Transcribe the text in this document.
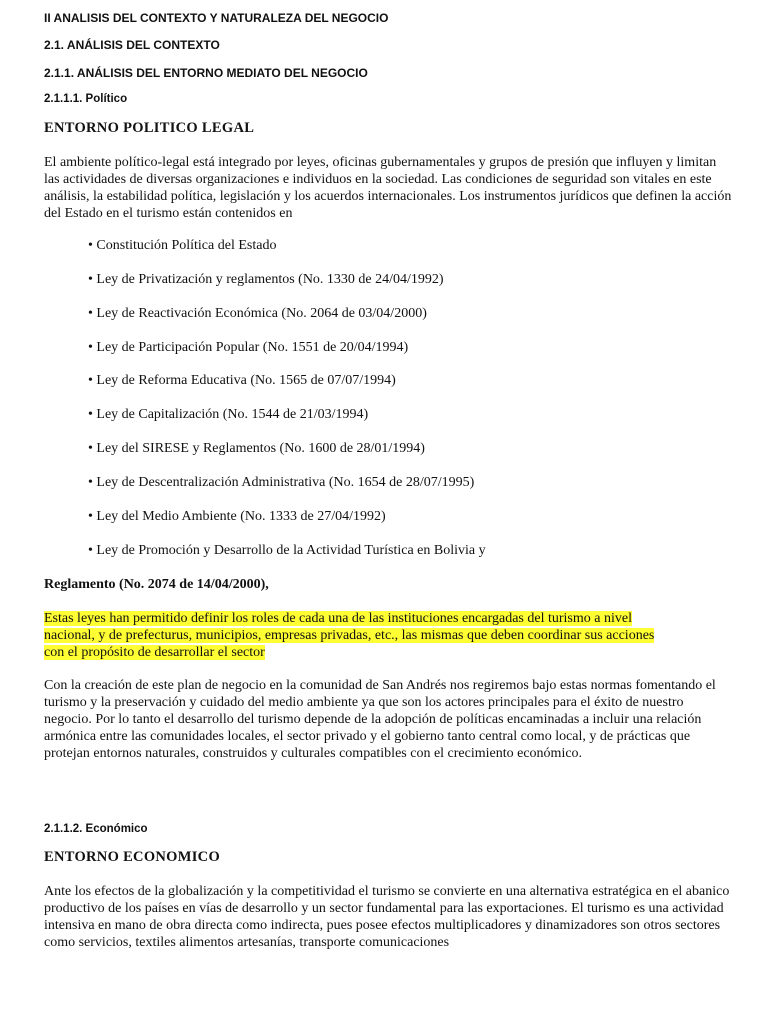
II ANALISIS DEL CONTEXTO Y NATURALEZA DEL NEGOCIO
2.1. ANÁLISIS DEL CONTEXTO
2.1.1. ANÁLISIS DEL ENTORNO MEDIATO DEL NEGOCIO
2.1.1.1. Político
ENTORNO POLITICO LEGAL

El ambiente político-legal está integrado por leyes, oficinas gubernamentales y grupos de presión que influyen y limitan las actividades de diversas organizaciones e individuos en la sociedad. Las condiciones de seguridad son vitales en este análisis, la estabilidad política, legislación y los acuerdos internacionales. Los instrumentos jurídicos que definen la acción del Estado en el turismo están contenidos en

• Constitución Política del Estado
• Ley de Privatización y reglamentos (No. 1330 de 24/04/1992)
• Ley de Reactivación Económica (No. 2064 de 03/04/2000)
• Ley de Participación Popular (No. 1551 de 20/04/1994)
• Ley de Reforma Educativa (No. 1565 de 07/07/1994)
• Ley de Capitalización (No. 1544 de 21/03/1994)
• Ley del SIRESE y Reglamentos (No. 1600 de 28/01/1994)
• Ley de Descentralización Administrativa (No. 1654 de 28/07/1995)
• Ley del Medio Ambiente (No. 1333 de 27/04/1992)
• Ley de Promoción y Desarrollo de la Actividad Turística en Bolivia y
Reglamento (No. 2074 de 14/04/2000),
Estas leyes han permitido definir los roles de cada una de las instituciones encargadas del turismo a nivel
nacional, y de prefecturus, municipios, empresas privadas, etc., las mismas que deben coordinar sus acciones
con el propósito de desarrollar el sector

Con la creación de este plan de negocio en la comunidad de San Andrés nos regiremos bajo estas normas fomentando el turismo y la preservación y cuidado del medio ambiente ya que son los actores principales para el éxito de nuestro negocio. Por lo tanto el desarrollo del turismo depende de la adopción de políticas encaminadas a incluir una relación armónica entre las comunidades locales, el sector privado y el gobierno tanto central como local, y de prácticas que protejan entornos naturales, construidos y culturales compatibles con el crecimiento económico.

2.1.1.2. Económico
ENTORNO ECONOMICO

Ante los efectos de la globalización y la competitividad el turismo se convierte en una alternativa estratégica en el abanico productivo de los países en vías de desarrollo y un sector fundamental para las exportaciones. El turismo es una actividad intensiva en mano de obra directa como indirecta, pues posee efectos multiplicadores y dinamizadores son otros sectores como servicios, textiles alimentos artesanías, transporte comunicaciones
